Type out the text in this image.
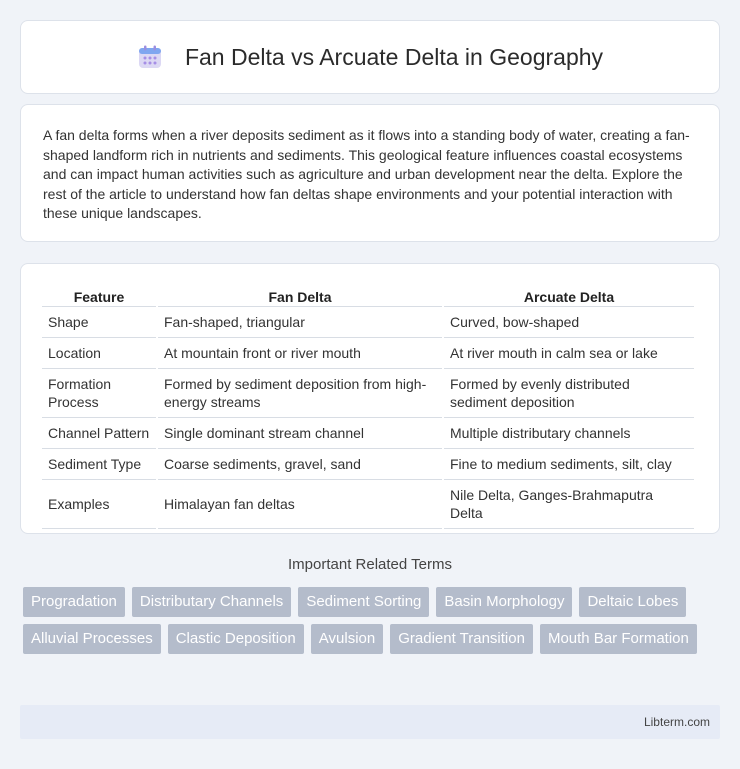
Fan Delta vs Arcuate Delta in Geography

A fan delta forms when a river deposits sediment as it flows into a standing body of water, creating a fan-shaped landform rich in nutrients and sediments. This geological feature influences coastal ecosystems and can impact human activities such as agriculture and urban development near the delta. Explore the rest of the article to understand how fan deltas shape environments and your potential interaction with these unique landscapes.

Feature	Fan Delta	Arcuate Delta
Shape	Fan-shaped, triangular	Curved, bow-shaped
Location	At mountain front or river mouth	At river mouth in calm sea or lake
Formation Process	Formed by sediment deposition from high-energy streams	Formed by evenly distributed sediment deposition
Channel Pattern	Single dominant stream channel	Multiple distributary channels
Sediment Type	Coarse sediments, gravel, sand	Fine to medium sediments, silt, clay
Examples	Himalayan fan deltas	Nile Delta, Ganges-Brahmaputra Delta
Important Related Terms
Progradation	Distributary Channels	Sediment Sorting	Basin Morphology	Deltaic Lobes
Alluvial Processes	Clastic Deposition	Avulsion	Gradient Transition	Mouth Bar Formation
Libterm.com
